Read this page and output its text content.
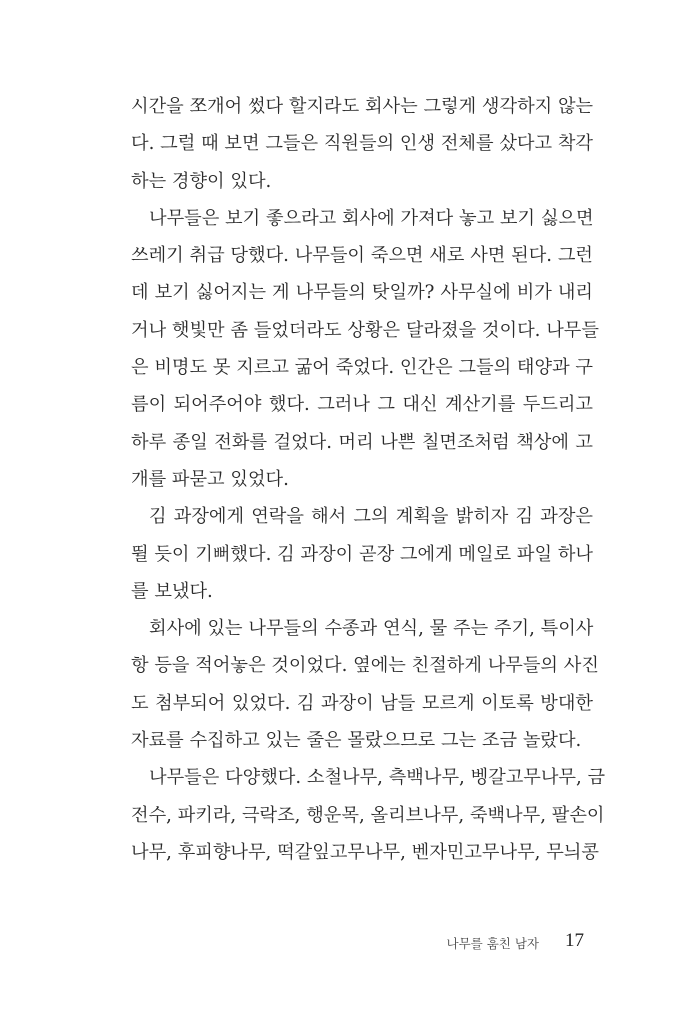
시간을 쪼개어 썼다 할지라도 회사는 그렇게 생각하지 않는
다. 그럴 때 보면 그들은 직원들의 인생 전체를 샀다고 착각
하는 경향이 있다.
나무들은 보기 좋으라고 회사에 가져다 놓고 보기 싫으면
쓰레기 취급 당했다. 나무들이 죽으면 새로 사면 된다. 그런
데 보기 싫어지는 게 나무들의 탓일까? 사무실에 비가 내리
거나 햇빛만 좀 들었더라도 상황은 달라졌을 것이다. 나무들
은 비명도 못 지르고 굶어 죽었다. 인간은 그들의 태양과 구
름이 되어주어야 했다. 그러나 그 대신 계산기를 두드리고
하루 종일 전화를 걸었다. 머리 나쁜 칠면조처럼 책상에 고
개를 파묻고 있었다.
김 과장에게 연락을 해서 그의 계획을 밝히자 김 과장은
뛸 듯이 기뻐했다. 김 과장이 곧장 그에게 메일로 파일 하나
를 보냈다.
회사에 있는 나무들의 수종과 연식, 물 주는 주기, 특이사
항 등을 적어놓은 것이었다. 옆에는 친절하게 나무들의 사진
도 첨부되어 있었다. 김 과장이 남들 모르게 이토록 방대한
자료를 수집하고 있는 줄은 몰랐으므로 그는 조금 놀랐다.
나무들은 다양했다. 소철나무, 측백나무, 벵갈고무나무, 금
전수, 파키라, 극락조, 행운목, 올리브나무, 죽백나무, 팔손이
나무, 후피향나무, 떡갈잎고무나무, 벤자민고무나무, 무늬콩
나무를 훔친 남자 17
